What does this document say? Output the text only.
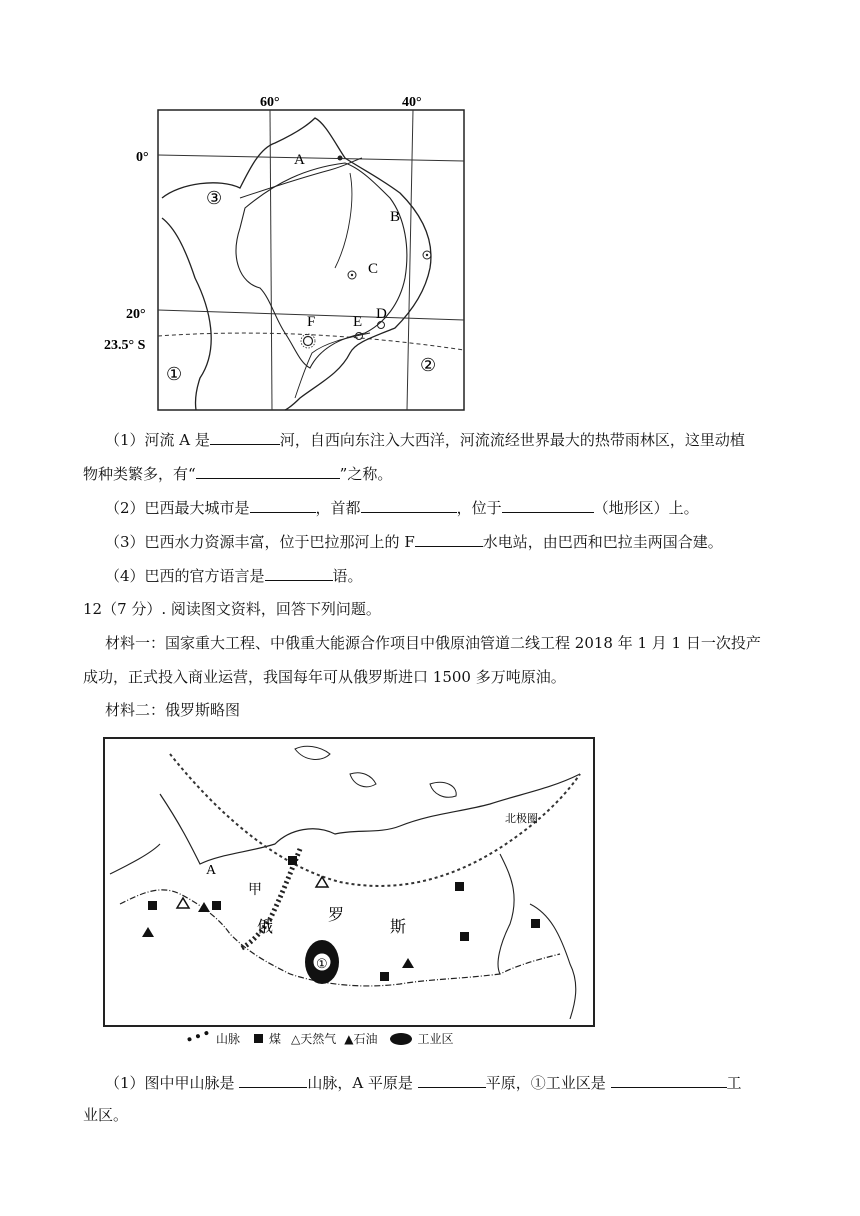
60°	40°
0°
20°
23.5° S
A
B
C
D
E
F
③
①	②
（1）河流 A 是	河，自西向东注入大西洋，河流流经世界最大的热带雨林区，这里动植
物种类繁多，有“	”之称。
（2）巴西最大城市是	，首都	，位于	（地形区）上。
（3）巴西水力资源丰富，位于巴拉那河上的 F	水电站，由巴西和巴拉圭两国合建。
（4）巴西的官方语言是	语。
12（7 分）. 阅读图文资料，回答下列问题。
材料一：国家重大工程、中俄重大能源合作项目中俄原油管道二线工程 2018 年 1 月 1 日一次投产
成功，正式投入商业运营，我国每年可从俄罗斯进口 1500 多万吨原油。
材料二：俄罗斯略图
北极圈
A
甲
俄
罗
斯
①
山脉 煤 △ 天然气 ▲ 石油	工业区
（1）图中甲山脉是	山脉，A 平原是	平原，①工业区是	工
业区。
